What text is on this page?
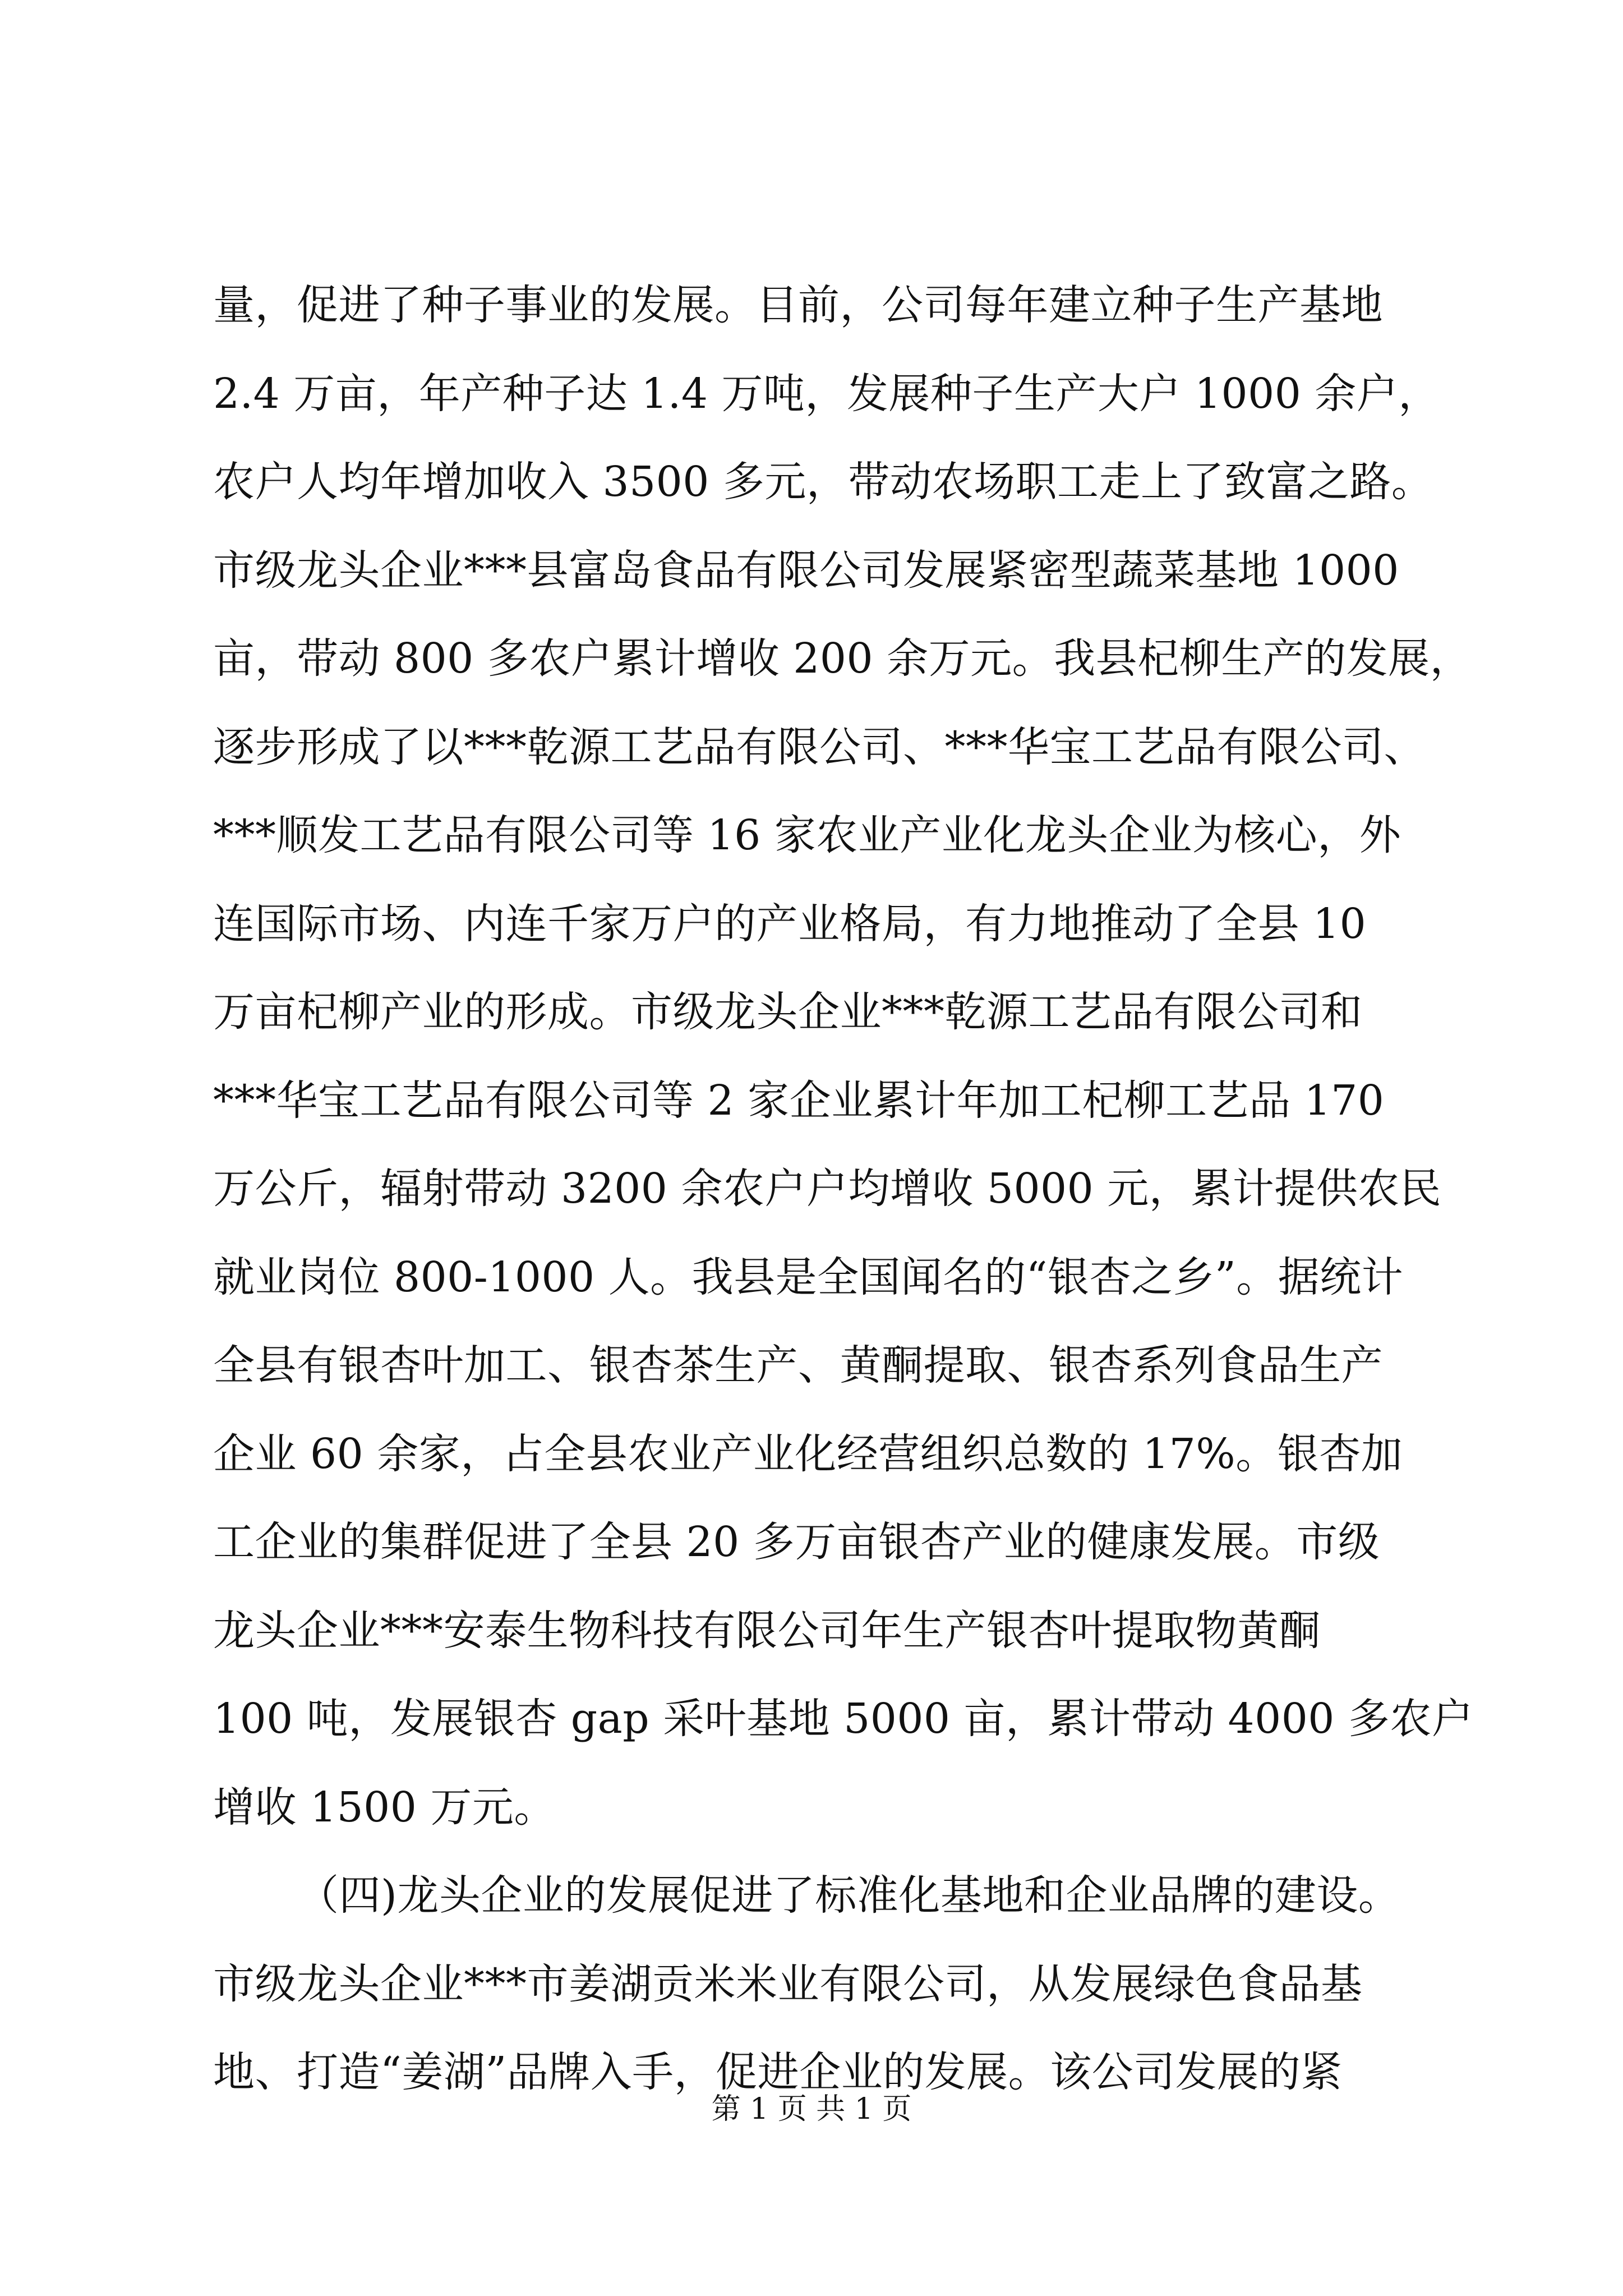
量，促进了种子事业的发展。目前，公司每年建立种子生产基地
2.4 万亩，年产种子达 1.4 万吨，发展种子生产大户 1000 余户，
农户人均年增加收入 3500 多元，带动农场职工走上了致富之路。
市级龙头企业***县富岛食品有限公司发展紧密型蔬菜基地 1000
亩，带动 800 多农户累计增收 200 余万元。我县杞柳生产的发展，
逐步形成了以***乾源工艺品有限公司、***华宝工艺品有限公司、
***顺发工艺品有限公司等 16 家农业产业化龙头企业为核心，外
连国际市场、内连千家万户的产业格局，有力地推动了全县 10
万亩杞柳产业的形成。市级龙头企业***乾源工艺品有限公司和
***华宝工艺品有限公司等 2 家企业累计年加工杞柳工艺品 170
万公斤，辐射带动 3200 余农户户均增收 5000 元，累计提供农民
就业岗位 800-1000 人。我县是全国闻名的“银杏之乡”。据统计
全县有银杏叶加工、银杏茶生产、黄酮提取、银杏系列食品生产
企业 60 余家，占全县农业产业化经营组织总数的 17%。银杏加
工企业的集群促进了全县 20 多万亩银杏产业的健康发展。市级
龙头企业***安泰生物科技有限公司年生产银杏叶提取物黄酮
100 吨，发展银杏 gap 采叶基地 5000 亩，累计带动 4000 多农户
增收 1500 万元。
（四)龙头企业的发展促进了标准化基地和企业品牌的建设。
市级龙头企业***市姜湖贡米米业有限公司，从发展绿色食品基
地、打造“姜湖”品牌入手，促进企业的发展。该公司发展的紧
第 1 页 共 1 页
